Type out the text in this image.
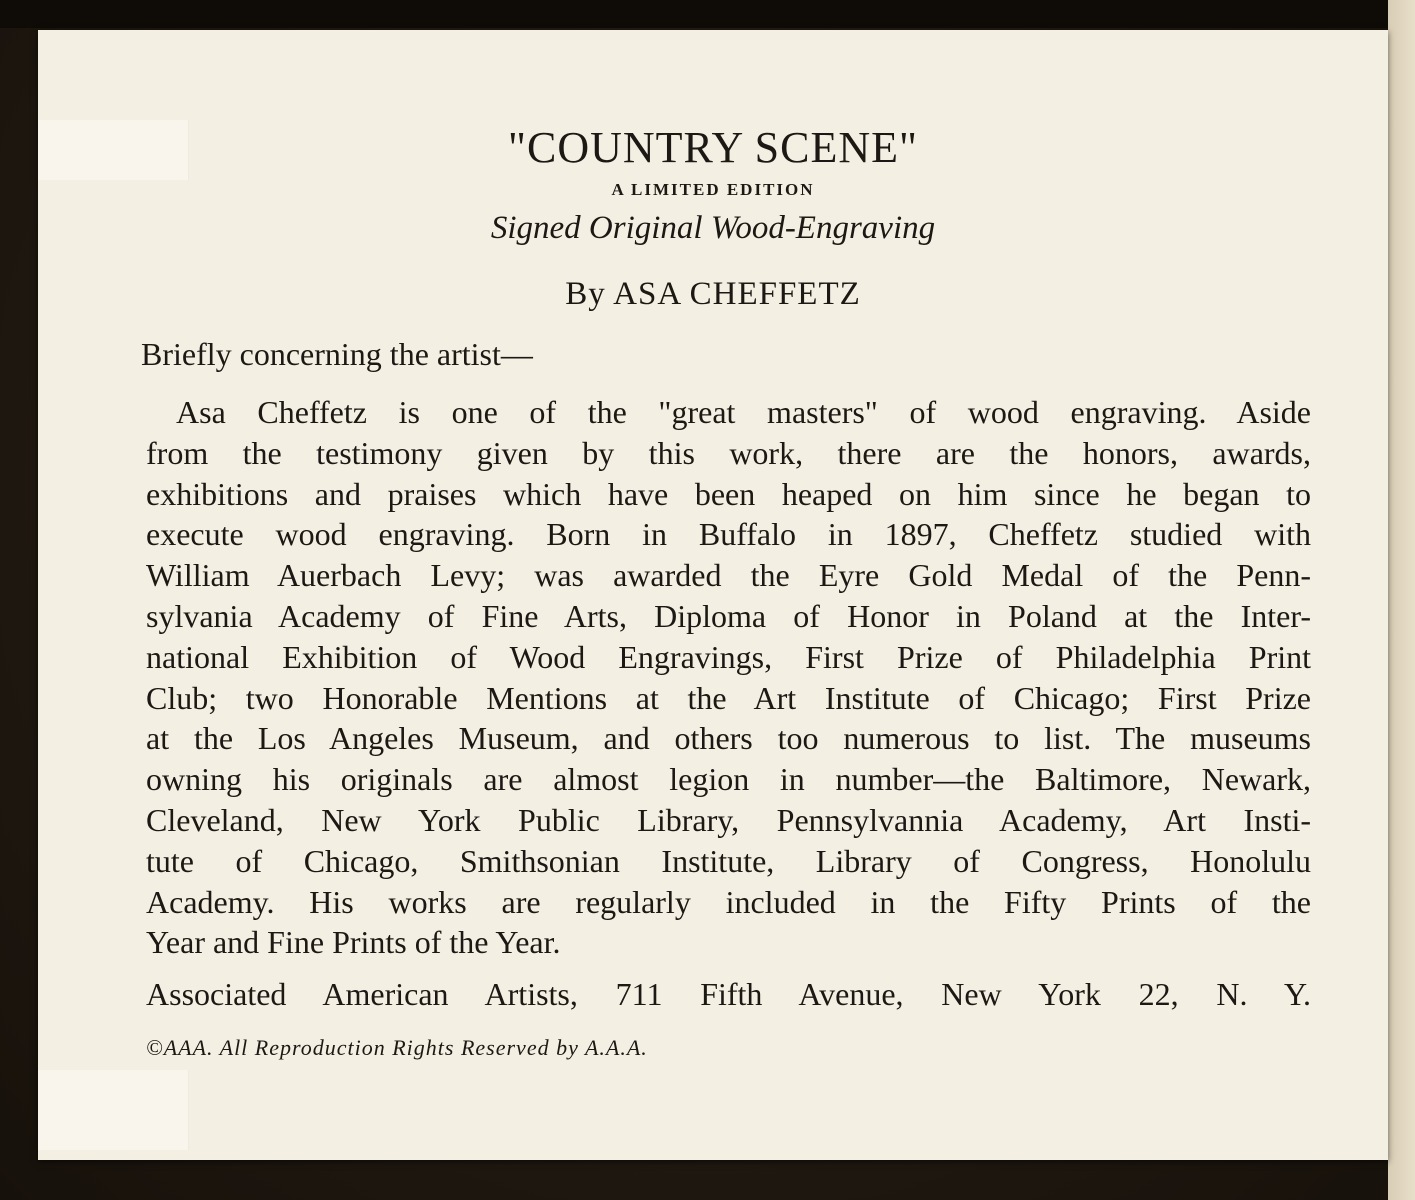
"COUNTRY SCENE"
A LIMITED EDITION
Signed Original Wood-Engraving
By ASA CHEFFETZ
Briefly concerning the artist—
Asa Cheffetz is one of the "great masters" of wood engraving. Aside
from the testimony given by this work, there are the honors, awards,
exhibitions and praises which have been heaped on him since he began to
execute wood engraving. Born in Buffalo in 1897, Cheffetz studied with
William Auerbach Levy; was awarded the Eyre Gold Medal of the Penn-
sylvania Academy of Fine Arts, Diploma of Honor in Poland at the Inter-
national Exhibition of Wood Engravings, First Prize of Philadelphia Print
Club; two Honorable Mentions at the Art Institute of Chicago; First Prize
at the Los Angeles Museum, and others too numerous to list. The museums
owning his originals are almost legion in number—the Baltimore, Newark,
Cleveland, New York Public Library, Pennsylvannia Academy, Art Insti-
tute of Chicago, Smithsonian Institute, Library of Congress, Honolulu
Academy. His works are regularly included in the Fifty Prints of the
Year and Fine Prints of the Year.
Associated American Artists, 711 Fifth Avenue, New York 22, N. Y.
©AAA. All Reproduction Rights Reserved by A.A.A.
